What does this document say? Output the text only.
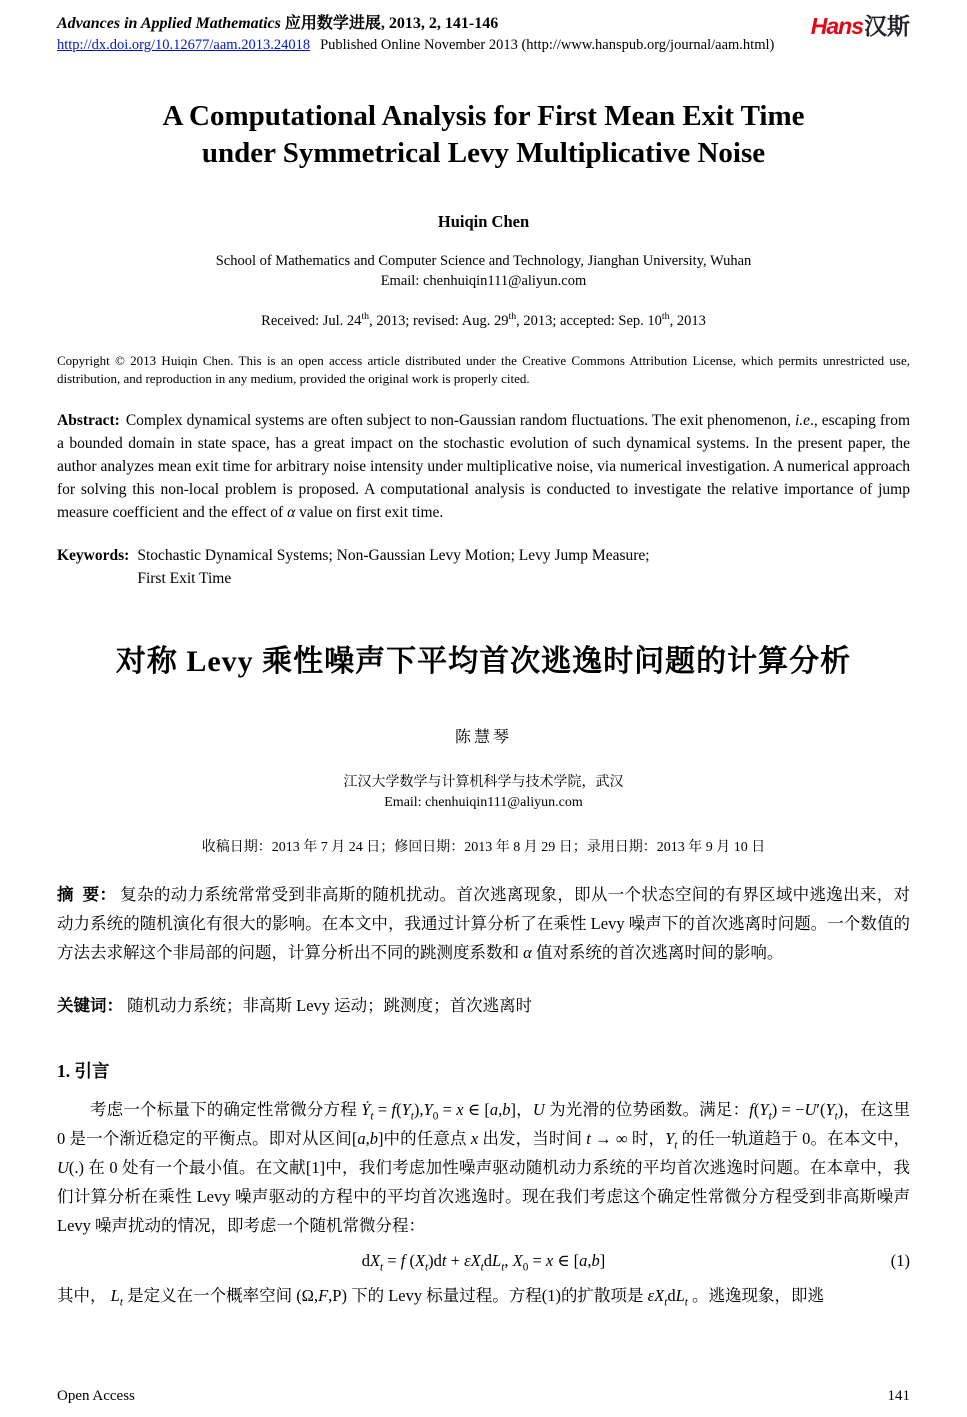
Advances in Applied Mathematics 应用数学进展, 2013, 2, 141-146
http://dx.doi.org/10.12677/aam.2013.24018 Published Online November 2013 (http://www.hanspub.org/journal/aam.html)
Hans汉斯
A Computational Analysis for First Mean Exit Time under Symmetrical Levy Multiplicative Noise
Huiqin Chen
School of Mathematics and Computer Science and Technology, Jianghan University, Wuhan
Email: chenhuiqin111@aliyun.com
Received: Jul. 24th, 2013; revised: Aug. 29th, 2013; accepted: Sep. 10th, 2013
Copyright © 2013 Huiqin Chen. This is an open access article distributed under the Creative Commons Attribution License, which permits unrestricted use, distribution, and reproduction in any medium, provided the original work is properly cited.
Abstract: Complex dynamical systems are often subject to non-Gaussian random fluctuations. The exit phenomenon, i.e., escaping from a bounded domain in state space, has a great impact on the stochastic evolution of such dynamical systems. In the present paper, the author analyzes mean exit time for arbitrary noise intensity under multiplicative noise, via numerical investigation. A numerical approach for solving this non-local problem is proposed. A computational analysis is conducted to investigate the relative importance of jump measure coefficient and the effect of α value on first exit time.
Keywords: Stochastic Dynamical Systems; Non-Gaussian Levy Motion; Levy Jump Measure;
First Exit Time
对称 Levy 乘性噪声下平均首次逃逸时问题的计算分析
陈慧琴
江汉大学数学与计算机科学与技术学院，武汉
Email: chenhuiqin111@aliyun.com
收稿日期：2013 年 7 月 24 日；修回日期：2013 年 8 月 29 日；录用日期：2013 年 9 月 10 日
摘  要： 复杂的动力系统常常受到非高斯的随机扰动。首次逃离现象，即从一个状态空间的有界区域中逃逸出来，对动力系统的随机演化有很大的影响。在本文中，我通过计算分析了在乘性 Levy 噪声下的首次逃离时问题。一个数值的方法去求解这个非局部的问题，计算分析出不同的跳测度系数和 α 值对系统的首次逃离时间的影响。
关键词： 随机动力系统；非高斯 Levy 运动；跳测度；首次逃离时
1. 引言
考虑一个标量下的确定性常微分方程 Ẏ$_t$ = $f(Y_t),Y_0 = x$ ∈ [a,b]，U 为光滑的位势函数。满足：$f(Y_t) = -U'(Y_t)$，在这里 0 是一个渐近稳定的平衡点。即对从区间[a,b]中的任意点 x 出发，当时间 t → ∞ 时，$Y_t$ 的任一轨道趋于 0。在本文中，U(.) 在 0 处有一个最小值。在文献[1]中，我们考虑加性噪声驱动随机动力系统的平均首次逃逸时问题。在本章中，我们计算分析在乘性 Levy 噪声驱动的方程中的平均首次逃逸时。现在我们考虑这个确定性常微分方程受到非高斯噪声 Levy 噪声扰动的情况，即考虑一个随机常微分程：
$dX_t = f$ $(X_t)dt + \varepsilon X_tdL_t$, $X_0 = x$ ∈ [a,b]	(1)
其中， $L_t$ 是定义在一个概率空间 (Ω,F,P) 下的 Levy 标量过程。方程(1)的扩散项是 $\varepsilon X_tdL_t$ 。逃逸现象，即逃
Open Access	141
